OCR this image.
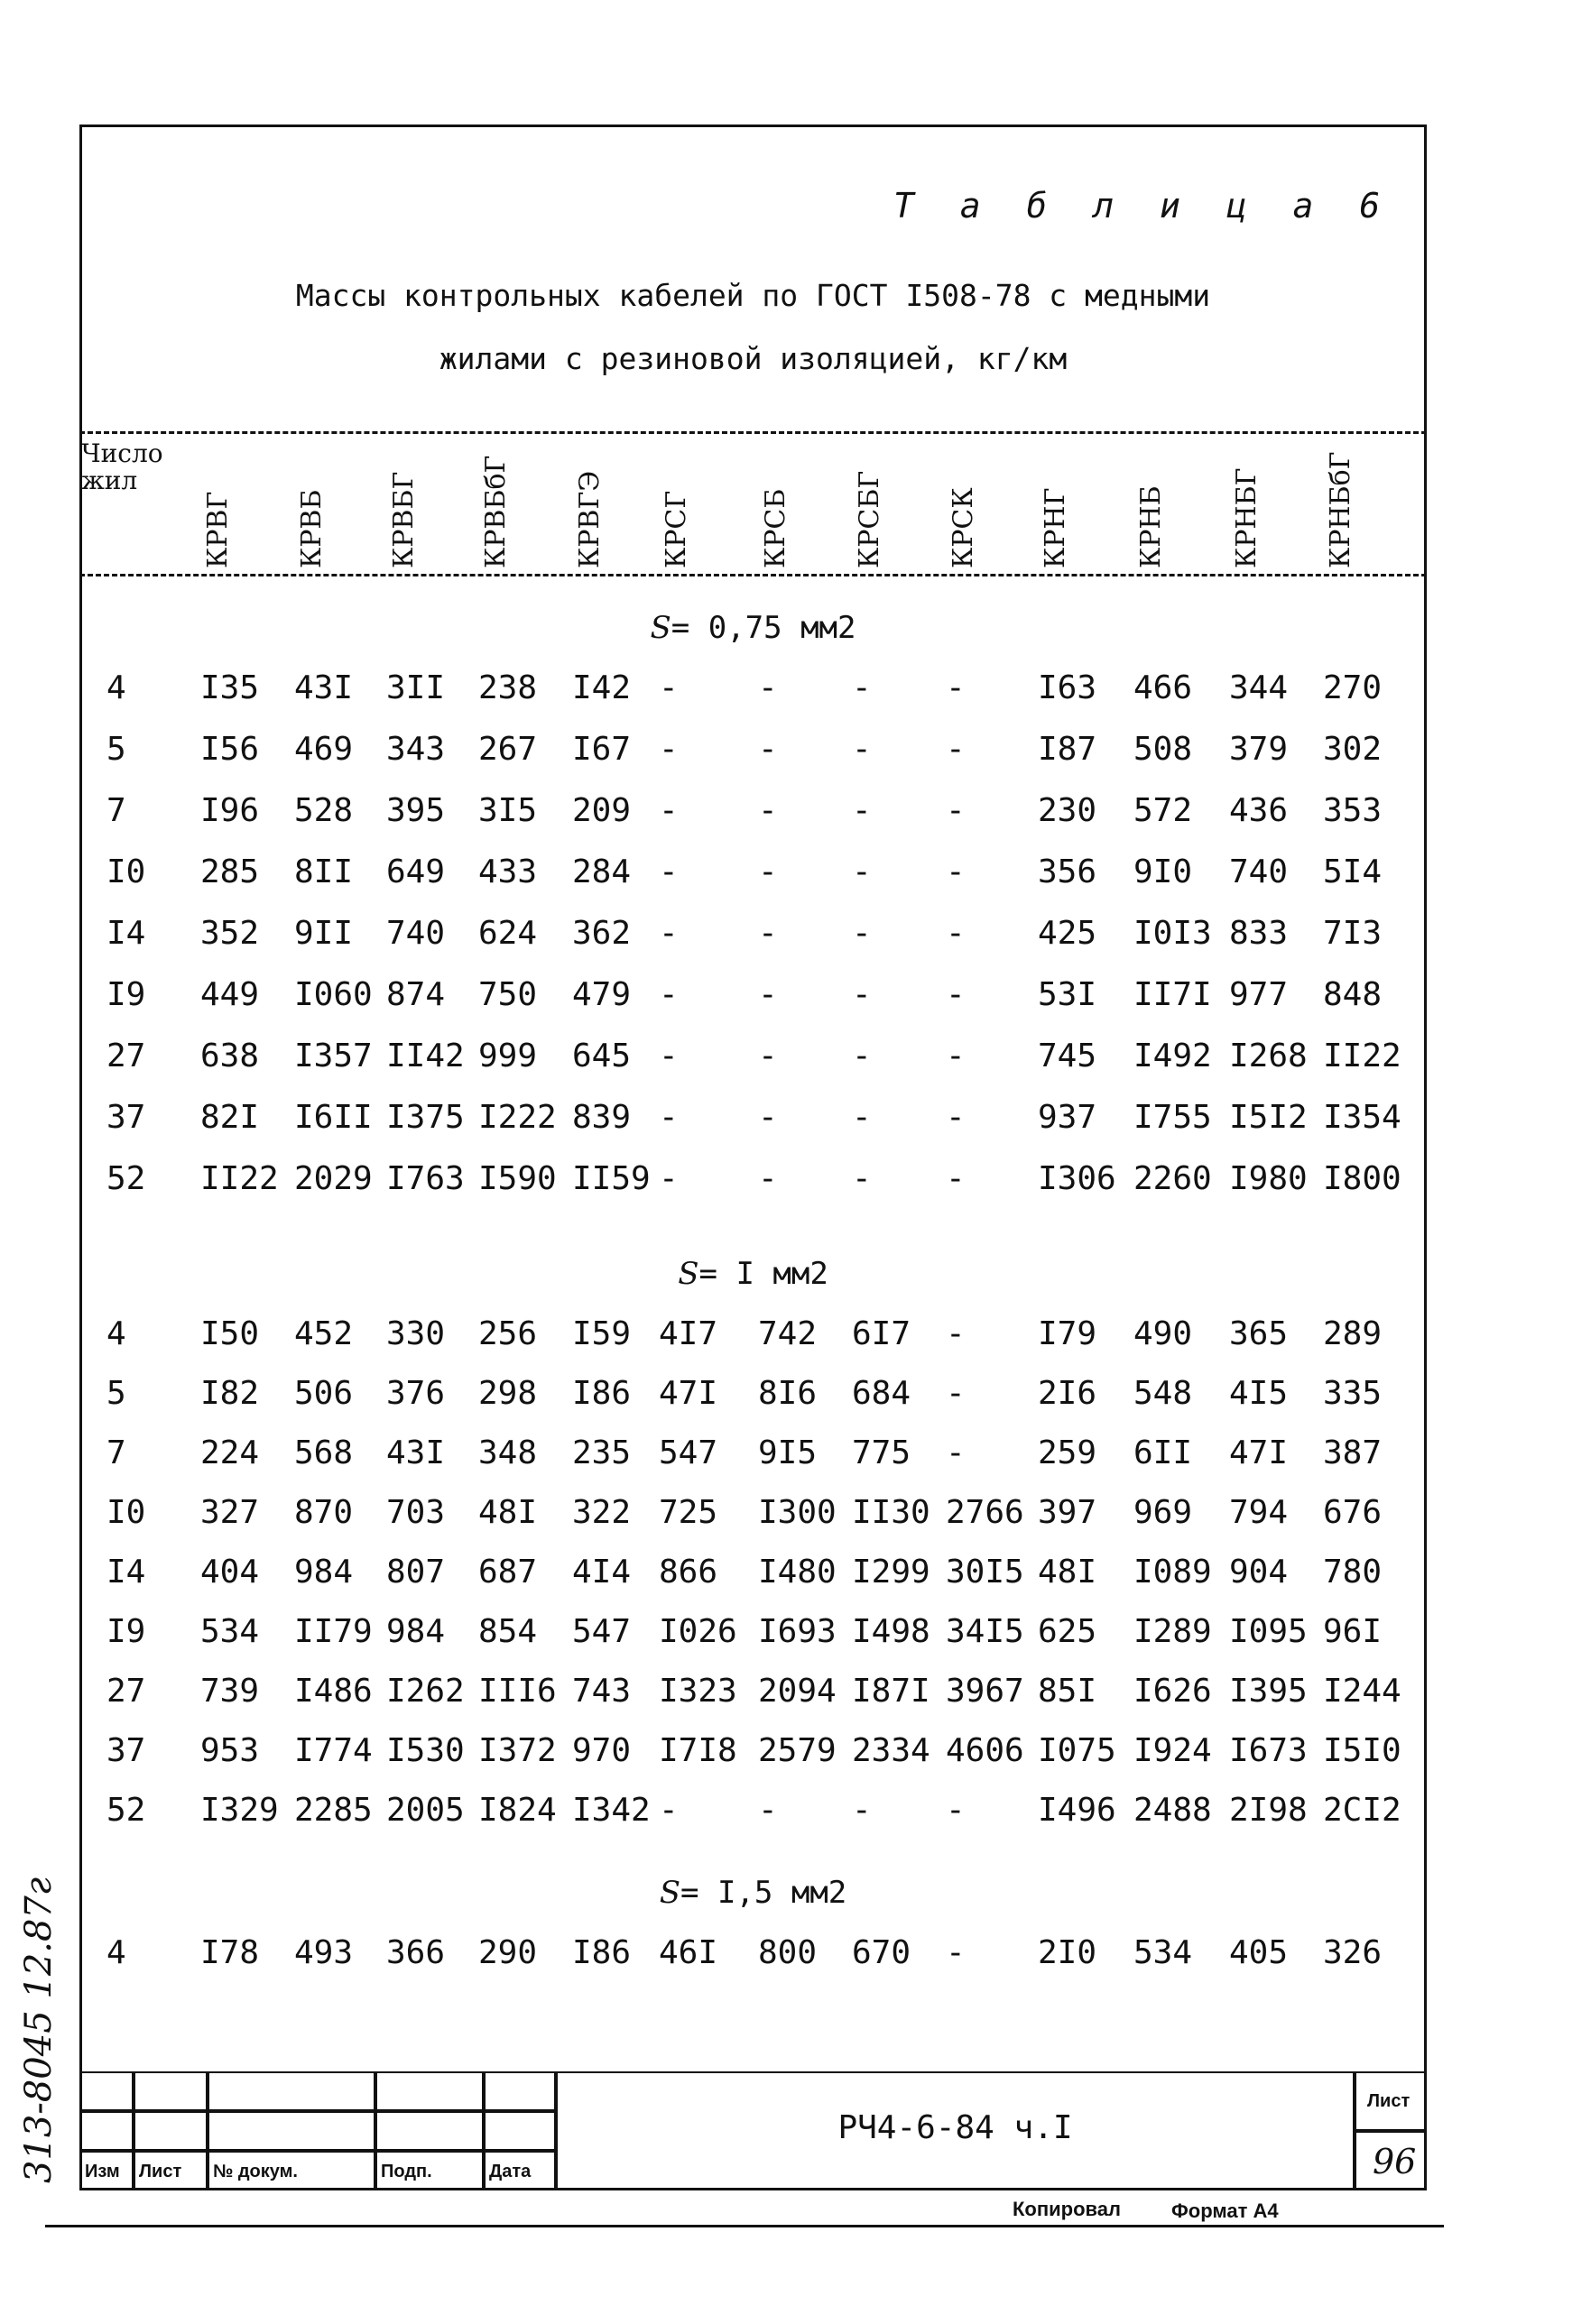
Т а б л и ц а 6
Массы контрольных кабелей по ГОСТ I508-78 с медными
жилами с резиновой изоляцией, кг/км
Число жил
КРВГ КРВБ КРВБГ КРВБбГ КРВГЭ КРСГ	КРСБ КРСБГ КРСК КРНГ КРНБ КРНБГ КРНБбГ
S= 0,75 мм2
4 I35 43I 3II 238 I42 - - - - I63 466 344 270
5 I56 469 343 267 I67 - - - - I87 508 379 302
7 I96 528 395 3I5 209 - - - - 230 572 436 353
I0 285 8II 649 433 284 - - - - 356 9I0 740 5I4
I4 352 9II 740 624 362 - - - - 425 I0I3 833 7I3
I9 449 I060 874 750 479 - - - - 53I II7I 977 848
27 638 I357 II42 999 645 - - - - 745 I492 I268 II22
37 82I I6II I375 I222 839 - - - - 937 I755 I5I2 I354
52 II22 2029 I763 I590 II59 - - - - I306 2260 I980 I800
S= I мм2
4 I50 452 330 256 I59 4I7 742 6I7 - I79 490 365 289
5 I82 506 376 298 I86 47I 8I6 684 - 2I6 548 4I5 335
7 224 568 43I 348 235 547 9I5 775 - 259 6II 47I 387
I0 327 870 703 48I 322 725 I300 II30 2766 397 969 794 676
I4 404 984 807 687 4I4 866 I480 I299 30I5 48I I089 904 780
I9 534 II79 984 854 547 I026 I693 I498 34I5 625 I289 I095 96I
27 739 I486 I262 III6 743 I323 2094 I87I 3967 85I I626 I395 I244
37 953 I774 I530 I372 970 I7I8 2579 2334 4606 I075 I924 I673 I5I0
52 I329 2285 2005 I824 I342 - - - - I496 2488 2I98 2CI2
S= I,5 мм2
4 I78 493 366 290 I86 46I 800 670 - 2I0 534 405 326
Изм Лист № докум.	Подп.	Дата
РЧ4-6-84 ч.I
Лист
96
Копировал	Формат А4
313-8045 12.87г
